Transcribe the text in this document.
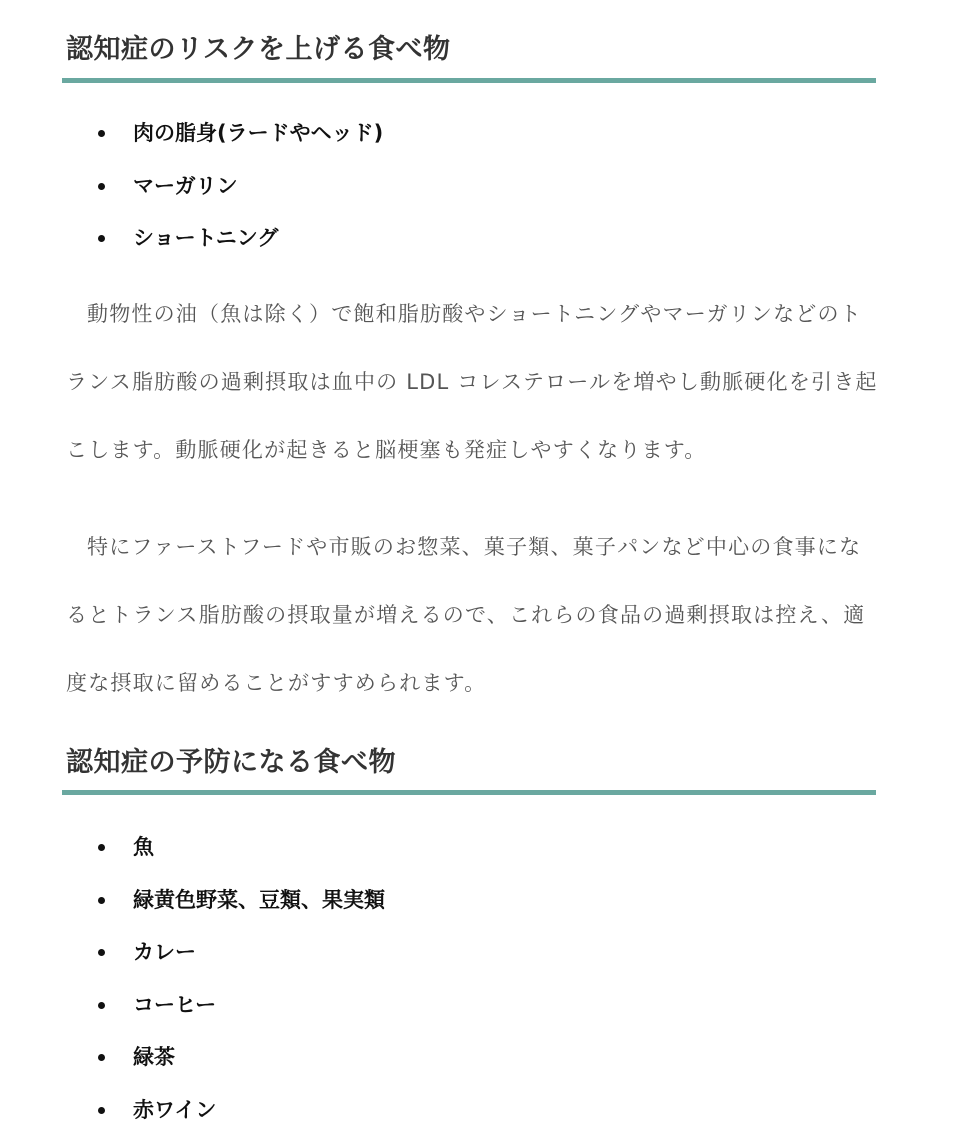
認知症のリスクを上げる食べ物
肉の脂身(ラードやヘッド)
マーガリン
ショートニング

動物性の油（魚は除く）で飽和脂肪酸やショートニングやマーガリンなどのトランス脂肪酸の過剰摂取は血中の LDL コレステロールを増やし動脈硬化を引き起こします。動脈硬化が起きると脳梗塞も発症しやすくなります。

特にファーストフードや市販のお惣菜、菓子類、菓子パンなど中心の食事になるとトランス脂肪酸の摂取量が増えるので、これらの食品の過剰摂取は控え、適度な摂取に留めることがすすめられます。

認知症の予防になる食べ物
魚
緑黄色野菜、豆類、果実類
カレー
コーヒー
緑茶
赤ワイン
